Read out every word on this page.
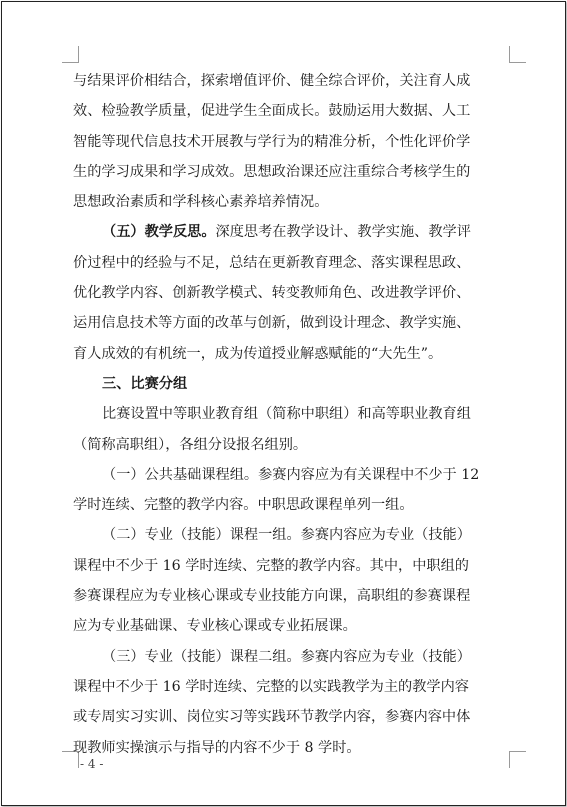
与结果评价相结合，探索增值评价、健全综合评价，关注育人成
效、检验教学质量，促进学生全面成长。鼓励运用大数据、人工
智能等现代信息技术开展教与学行为的精准分析，个性化评价学
生的学习成果和学习成效。思想政治课还应注重综合考核学生的
思想政治素质和学科核心素养培养情况。
（五）教学反思。深度思考在教学设计、教学实施、教学评
价过程中的经验与不足，总结在更新教育理念、落实课程思政、
优化教学内容、创新教学模式、转变教师角色、改进教学评价、
运用信息技术等方面的改革与创新，做到设计理念、教学实施、
育人成效的有机统一，成为传道授业解惑赋能的“大先生”。
三、比赛分组
比赛设置中等职业教育组（简称中职组）和高等职业教育组
（简称高职组），各组分设报名组别。
（一）公共基础课程组。参赛内容应为有关课程中不少于 12
学时连续、完整的教学内容。中职思政课程单列一组。
（二）专业（技能）课程一组。参赛内容应为专业（技能）
课程中不少于 16 学时连续、完整的教学内容。其中，中职组的
参赛课程应为专业核心课或专业技能方向课，高职组的参赛课程
应为专业基础课、专业核心课或专业拓展课。
（三）专业（技能）课程二组。参赛内容应为专业（技能）
课程中不少于 16 学时连续、完整的以实践教学为主的教学内容
或专周实习实训、岗位实习等实践环节教学内容，参赛内容中体
现教师实操演示与指导的内容不少于 8 学时。
- 4 -
